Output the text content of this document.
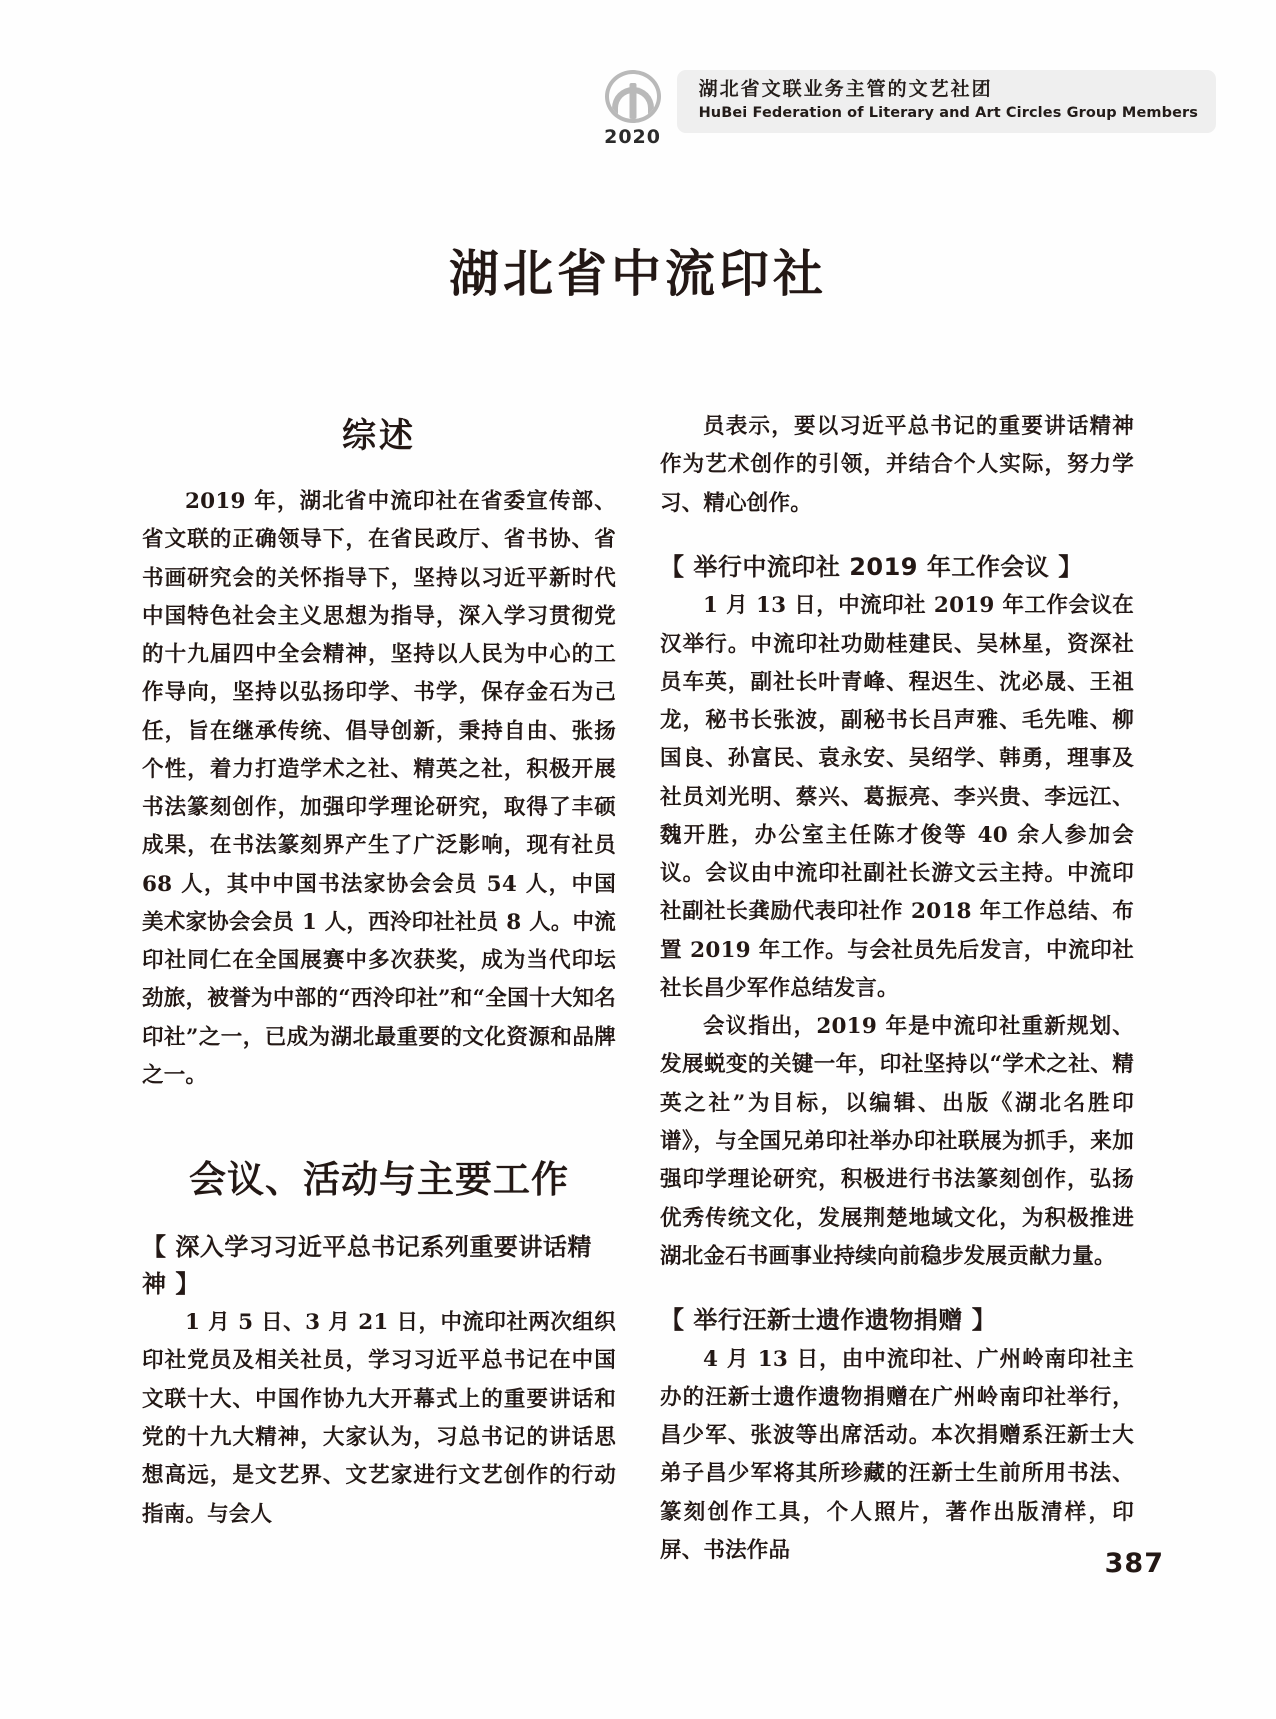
2020
湖北省文联业务主管的文艺社团
HuBei Federation of Literary and Art Circles Group Members
湖北省中流印社
综述

2019 年，湖北省中流印社在省委宣传部、省文联的正确领导下，在省民政厅、省书协、省书画研究会的关怀指导下，坚持以习近平新时代中国特色社会主义思想为指导，深入学习贯彻党的十九届四中全会精神，坚持以人民为中心的工作导向，坚持以弘扬印学、书学，保存金石为己任，旨在继承传统、倡导创新，秉持自由、张扬个性，着力打造学术之社、精英之社，积极开展书法篆刻创作，加强印学理论研究，取得了丰硕成果，在书法篆刻界产生了广泛影响，现有社员 68 人，其中中国书法家协会会员 54 人，中国美术家协会会员 1 人，西泠印社社员 8 人。中流印社同仁在全国展赛中多次获奖，成为当代印坛劲旅，被誉为中部的“西泠印社”和“全国十大知名印社”之一，已成为湖北最重要的文化资源和品牌之一。

会议、活动与主要工作
【 深入学习习近平总书记系列重要讲话精神 】

1 月 5 日、3 月 21 日，中流印社两次组织印社党员及相关社员，学习习近平总书记在中国文联十大、中国作协九大开幕式上的重要讲话和党的十九大精神，大家认为，习总书记的讲话思想高远，是文艺界、文艺家进行文艺创作的行动指南。与会人

员表示，要以习近平总书记的重要讲话精神作为艺术创作的引领，并结合个人实际，努力学习、精心创作。

【 举行中流印社 2019 年工作会议 】

1 月 13 日，中流印社 2019 年工作会议在汉举行。中流印社功勋桂建民、吴林星，资深社员车英，副社长叶青峰、程迟生、沈必晟、王祖龙，秘书长张波，副秘书长吕声雅、毛先唯、柳国良、孙富民、袁永安、吴绍学、韩勇，理事及社员刘光明、蔡兴、葛振亮、李兴贵、李远江、魏开胜，办公室主任陈才俊等 40 余人参加会议。会议由中流印社副社长游文云主持。中流印社副社长龚励代表印社作 2018 年工作总结、布置 2019 年工作。与会社员先后发言，中流印社社长昌少军作总结发言。

会议指出，2019 年是中流印社重新规划、发展蜕变的关键一年，印社坚持以“学术之社、精英之社”为目标，以编辑、出版《湖北名胜印谱》，与全国兄弟印社举办印社联展为抓手，来加强印学理论研究，积极进行书法篆刻创作，弘扬优秀传统文化，发展荆楚地域文化，为积极推进湖北金石书画事业持续向前稳步发展贡献力量。

【 举行汪新士遗作遗物捐赠 】

4 月 13 日，由中流印社、广州岭南印社主办的汪新士遗作遗物捐赠在广州岭南印社举行，昌少军、张波等出席活动。本次捐赠系汪新士大弟子昌少军将其所珍藏的汪新士生前所用书法、篆刻创作工具，个人照片，著作出版清样，印屏、书法作品	387
